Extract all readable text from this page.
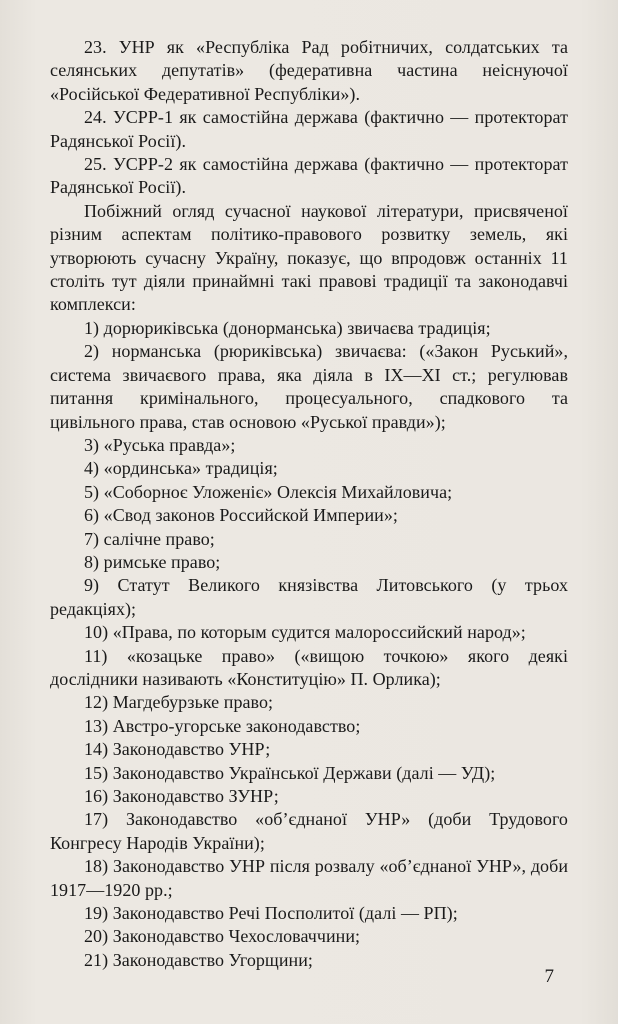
23. УНР як «Республіка Рад робітничих, солдатських та селянських депутатів» (федеративна частина неіснуючої «Російської Федеративної Республіки»).

24. УСРР-1 як самостійна держава (фактично — протекторат Радянської Росії).

25. УСРР-2 як самостійна держава (фактично — протекторат Радянської Росії).

Побіжний огляд сучасної наукової літератури, присвяченої різним аспектам політико-правового розвитку земель, які утворюють сучасну Україну, показує, що впродовж останніх 11 століть тут діяли принаймні такі правові традиції та законодавчі комплекси:

1) дорюриківська (донорманська) звичаєва традиція;

2) норманська (рюриківська) звичаєва: («Закон Руський», система звичаєвого права, яка діяла в IX—XI ст.; регулював питання кримінального, процесуального, спадкового та цивільного права, став основою «Руської правди»);

3) «Руська правда»;

4) «ординська» традиція;

5) «Соборноє Уложеніє» Олексія Михайловича;

6) «Свод законов Российской Империи»;

7) салічне право;

8) римське право;

9) Статут Великого князівства Литовського (у трьох редакціях);

10) «Права, по которым судится малороссийский народ»;

11) «козацьке право» («вищою точкою» якого деякі дослідники називають «Конституцію» П. Орлика);

12) Магдебурзьке право;

13) Австро-угорське законодавство;

14) Законодавство УНР;

15) Законодавство Української Держави (далі — УД);

16) Законодавство ЗУНР;

17) Законодавство «об’єднаної УНР» (доби Трудового Конгресу Народів України);

18) Законодавство УНР після розвалу «об’єднаної УНР», доби 1917—1920 рр.;

19) Законодавство Речі Посполитої (далі — РП);

20) Законодавство Чехословаччини;

21) Законодавство Угорщини;

7
